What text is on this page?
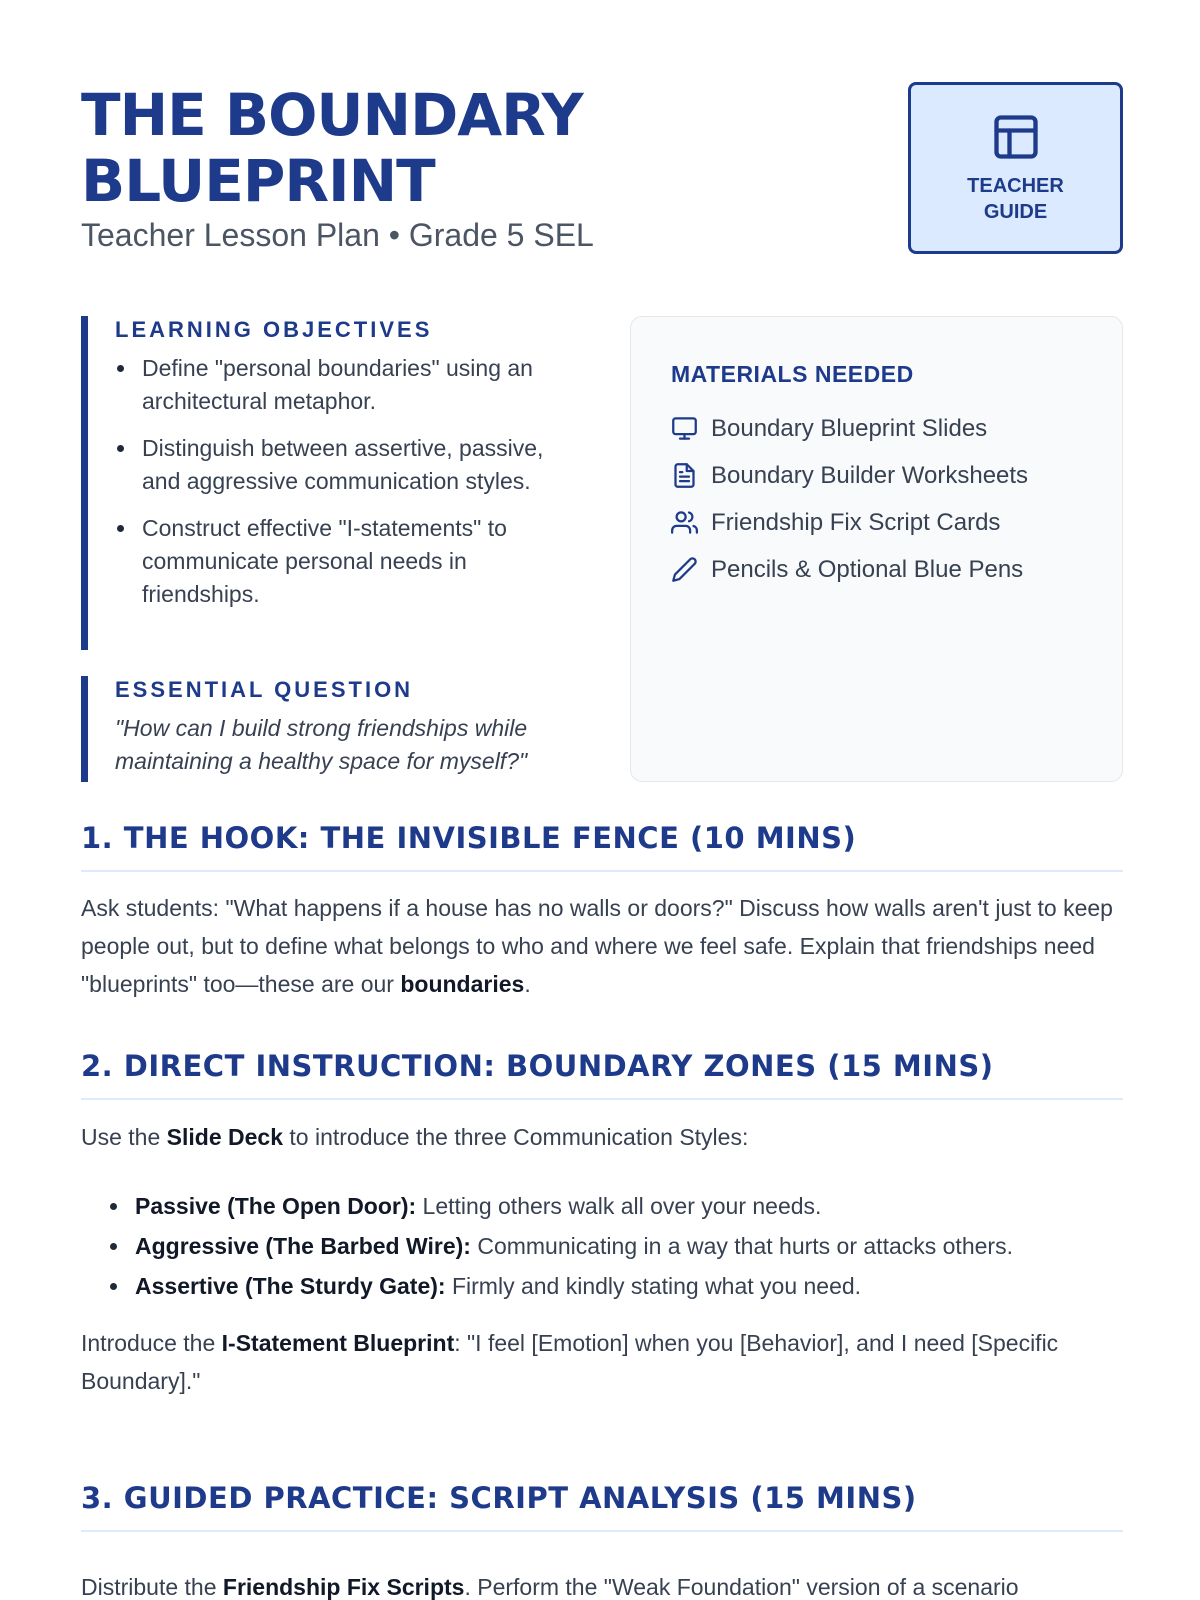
THE BOUNDARY
BLUEPRINT
Teacher Lesson Plan • Grade 5 SEL
TEACHER
GUIDE
LEARNING OBJECTIVES
Define "personal boundaries" using an architectural metaphor.
Distinguish between assertive, passive, and aggressive communication styles.
Construct effective "I-statements" to communicate personal needs in friendships.
ESSENTIAL QUESTION
"How can I build strong friendships while maintaining a healthy space for myself?"
MATERIALS NEEDED
Boundary Blueprint Slides
Boundary Builder Worksheets
Friendship Fix Script Cards
Pencils & Optional Blue Pens
1. THE HOOK: THE INVISIBLE FENCE (10 MINS)

Ask students: "What happens if a house has no walls or doors?" Discuss how walls aren't just to keep people out, but to define what belongs to who and where we feel safe. Explain that friendships need "blueprints" too—these are our boundaries.

2. DIRECT INSTRUCTION: BOUNDARY ZONES (15 MINS)

Use the Slide Deck to introduce the three Communication Styles:

Passive (The Open Door): Letting others walk all over your needs.
Aggressive (The Barbed Wire): Communicating in a way that hurts or attacks others.
Assertive (The Sturdy Gate): Firmly and kindly stating what you need.

Introduce the I-Statement Blueprint: "I feel [Emotion] when you [Behavior], and I need [Specific Boundary]."

3. GUIDED PRACTICE: SCRIPT ANALYSIS (15 MINS)

Distribute the Friendship Fix Scripts. Perform the "Weak Foundation" version of a scenario
